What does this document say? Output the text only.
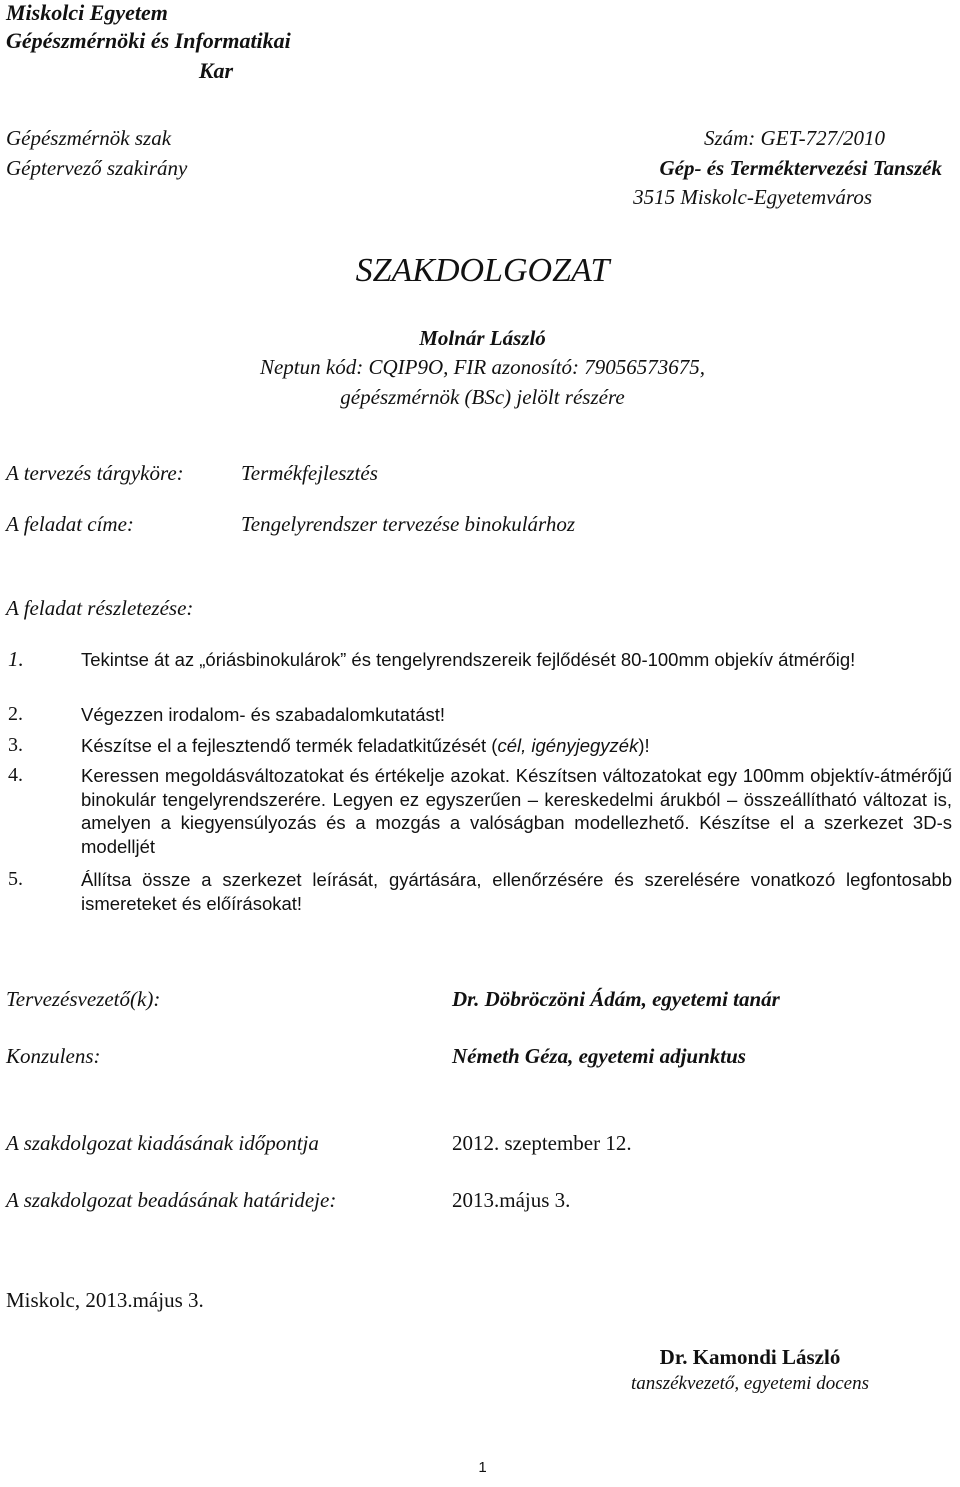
Miskolci Egyetem
Gépészmérnöki és Informatikai
Kar
Gépészmérnök szak
Géptervező szakirány
Szám: GET-727/2010
Gép- és Terméktervezési Tanszék
3515 Miskolc-Egyetemváros
SZAKDOLGOZAT
Molnár László
Neptun kód: CQIP9O, FIR azonosító: 79056573675,
gépészmérnök (BSc) jelölt részére
A tervezés tárgyköre:	Termékfejlesztés
A feladat címe:	Tengelyrendszer tervezése binokulárhoz
A feladat részletezése:
1.	Tekintse át az „óriásbinokulárok” és tengelyrendszereik fejlődését 80-100mm objekív átmérőig!
2.	Végezzen irodalom- és szabadalomkutatást!
3.	Készítse el a fejlesztendő termék feladatkitűzését (cél, igényjegyzék)!
4.	Keressen megoldásváltozatokat és értékelje azokat. Készítsen változatokat egy 100mm objektív-átmérőjű binokulár tengelyrendszerére. Legyen ez egyszerűen – kereskedelmi árukból – összeállítható változat is, amelyen a kiegyensúlyozás és a mozgás a valóságban modellezhető. Készítse el a szerkezet 3D-s modelljét
5.	Állítsa össze a szerkezet leírását, gyártására, ellenőrzésére és szerelésére vonatkozó legfontosabb ismereteket és előírásokat!
Tervezésvezető(k):	Dr. Döbröczöni Ádám, egyetemi tanár
Konzulens:	Németh Géza, egyetemi adjunktus
A szakdolgozat kiadásának időpontja	2012. szeptember 12.
A szakdolgozat beadásának határideje:	2013.május 3.
Miskolc, 2013.május 3.
Dr. Kamondi László
tanszékvezető, egyetemi docens
1
